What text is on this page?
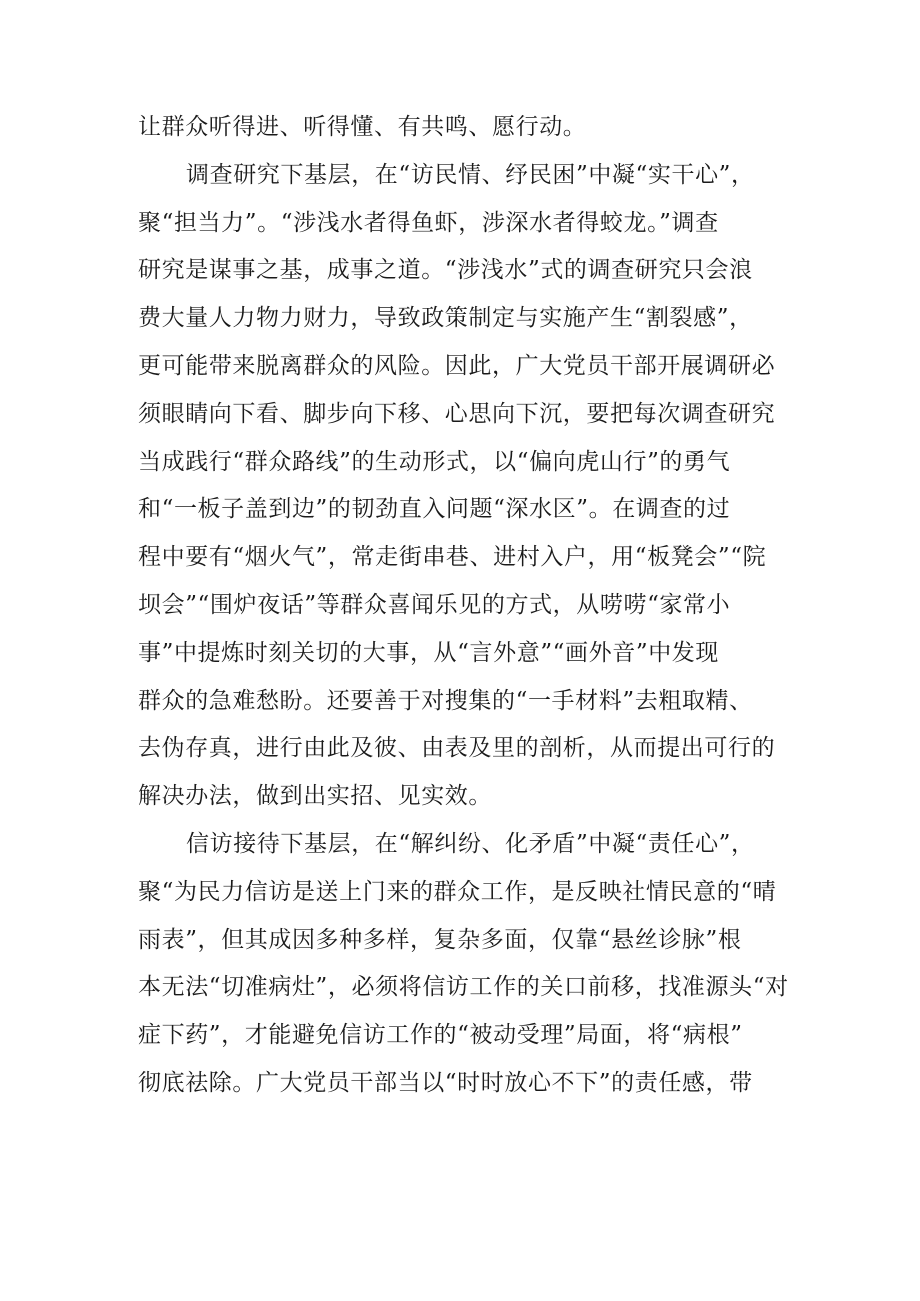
让群众听得进、听得懂、有共鸣、愿行动。
调查研究下基层，在“访民情、纾民困”中凝“实干心”，
聚“担当力”。“涉浅水者得鱼虾，涉深水者得蛟龙。”调查
研究是谋事之基，成事之道。“涉浅水”式的调查研究只会浪
费大量人力物力财力，导致政策制定与实施产生“割裂感”，
更可能带来脱离群众的风险。因此，广大党员干部开展调研必
须眼睛向下看、脚步向下移、心思向下沉，要把每次调查研究
当成践行“群众路线”的生动形式，以“偏向虎山行”的勇气
和“一板子盖到边”的韧劲直入问题“深水区”。在调查的过
程中要有“烟火气”，常走街串巷、进村入户，用“板凳会”“院
坝会”“围炉夜话”等群众喜闻乐见的方式，从唠唠“家常小
事”中提炼时刻关切的大事，从“言外意”“画外音”中发现
群众的急难愁盼。还要善于对搜集的“一手材料”去粗取精、
去伪存真，进行由此及彼、由表及里的剖析，从而提出可行的
解决办法，做到出实招、见实效。
信访接待下基层，在“解纠纷、化矛盾”中凝“责任心”，
聚“为民力信访是送上门来的群众工作，是反映社情民意的“晴
雨表”，但其成因多种多样，复杂多面，仅靠“悬丝诊脉”根
本无法“切准病灶”，必须将信访工作的关口前移，找准源头“对
症下药”，才能避免信访工作的“被动受理”局面，将“病根”
彻底祛除。广大党员干部当以“时时放心不下”的责任感，带
